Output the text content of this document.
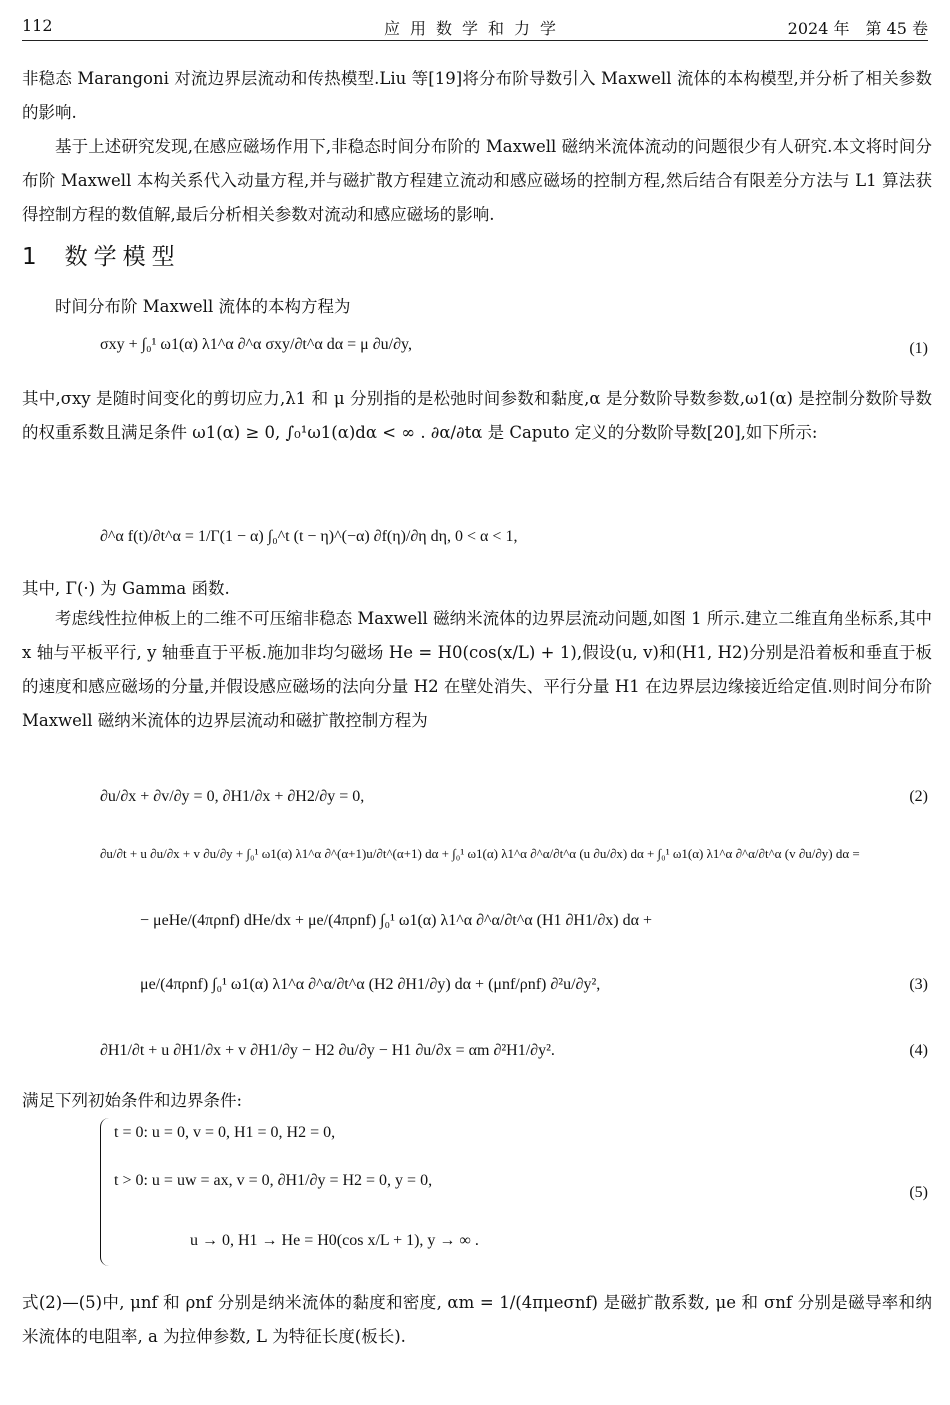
112	应用数学和力学	2024 年　第 45 卷
非稳态 Marangoni 对流边界层流动和传热模型.Liu 等[19]将分布阶导数引入 Maxwell 流体的本构模型,并分析了相关参数的影响.
基于上述研究发现,在感应磁场作用下,非稳态时间分布阶的 Maxwell 磁纳米流体流动的问题很少有人研究.本文将时间分布阶 Maxwell 本构关系代入动量方程,并与磁扩散方程建立流动和感应磁场的控制方程,然后结合有限差分方法与 L1 算法获得控制方程的数值解,最后分析相关参数对流动和感应磁场的影响.
1 数学模型
时间分布阶 Maxwell 流体的本构方程为
σxy + ∫₀¹ ω1(α) λ1^α ∂^α σxy/∂t^α dα = μ ∂u/∂y,	(1)
其中,σxy 是随时间变化的剪切应力,λ1 和 μ 分别指的是松弛时间参数和黏度,α 是分数阶导数参数,ω1(α) 是控制分数阶导数的权重系数且满足条件 ω1(α) ≥ 0, ∫₀¹ω1(α)dα < ∞ . ∂α/∂tα 是 Caputo 定义的分数阶导数[20],如下所示:
∂^α f(t)/∂t^α = 1/Γ(1 − α) ∫₀^t (t − η)^(−α) ∂f(η)/∂η dη, 0 < α < 1,
其中, Γ(·) 为 Gamma 函数.
考虑线性拉伸板上的二维不可压缩非稳态 Maxwell 磁纳米流体的边界层流动问题,如图 1 所示.建立二维直角坐标系,其中 x 轴与平板平行, y 轴垂直于平板.施加非均匀磁场 He = H0(cos(x/L) + 1),假设(u, v)和(H1, H2)分别是沿着板和垂直于板的速度和感应磁场的分量,并假设感应磁场的法向分量 H2 在壁处消失、平行分量 H1 在边界层边缘接近给定值.则时间分布阶 Maxwell 磁纳米流体的边界层流动和磁扩散控制方程为
∂u/∂x + ∂v/∂y = 0, ∂H1/∂x + ∂H2/∂y = 0,	(2)
∂u/∂t + u ∂u/∂x + v ∂u/∂y + ∫₀¹ ω1(α) λ1^α ∂^(α+1)u/∂t^(α+1) dα + ∫₀¹ ω1(α) λ1^α ∂^α/∂t^α (u ∂u/∂x) dα + ∫₀¹ ω1(α) λ1^α ∂^α/∂t^α (v ∂u/∂y) dα =
− μeHe/(4πρnf) dHe/dx + μe/(4πρnf) ∫₀¹ ω1(α) λ1^α ∂^α/∂t^α (H1 ∂H1/∂x) dα +
μe/(4πρnf) ∫₀¹ ω1(α) λ1^α ∂^α/∂t^α (H2 ∂H1/∂y) dα + (μnf/ρnf) ∂²u/∂y²,	(3)
∂H1/∂t + u ∂H1/∂x + v ∂H1/∂y − H2 ∂u/∂y − H1 ∂u/∂x = αm ∂²H1/∂y².	(4)
满足下列初始条件和边界条件:
t = 0: u = 0, v = 0, H1 = 0, H2 = 0,
t > 0: u = uw = ax, v = 0, ∂H1/∂y = H2 = 0, y = 0,
u → 0, H1 → He = H0(cos x/L + 1), y → ∞ .
(5)
式(2)—(5)中, μnf 和 ρnf 分别是纳米流体的黏度和密度, αm = 1/(4πμeσnf) 是磁扩散系数, μe 和 σnf 分别是磁导率和纳米流体的电阻率, a 为拉伸参数, L 为特征长度(板长).
